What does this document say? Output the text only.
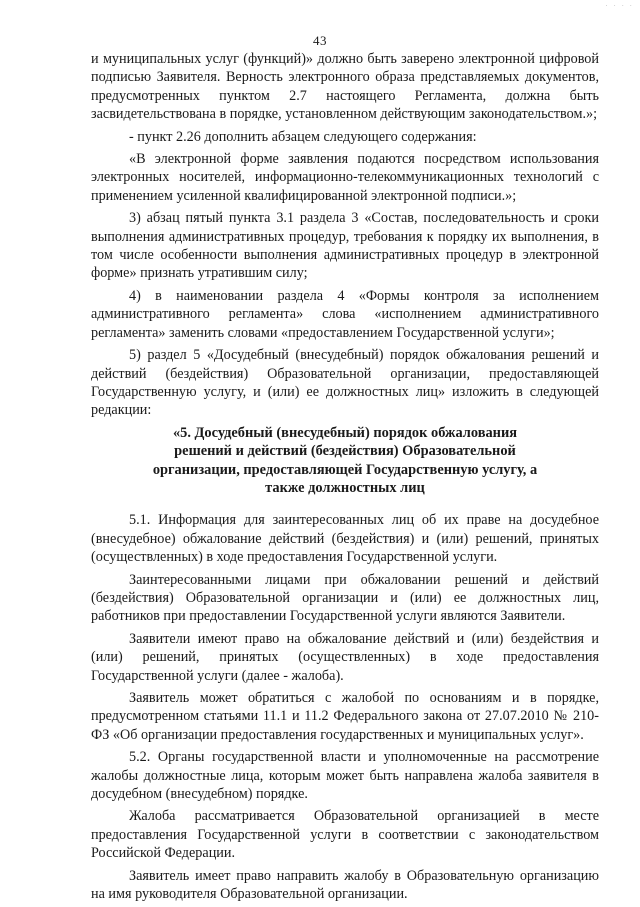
· · · ·
43

и муниципальных услуг (функций)» должно быть заверено электронной цифровой подписью Заявителя. Верность электронного образа представляемых документов, предусмотренных пунктом 2.7 настоящего Регламента, должна быть засвидетельствована в порядке, установленном действующим законодательством.»;

- пункт 2.26 дополнить абзацем следующего содержания:

«В электронной форме заявления подаются посредством использования электронных носителей, информационно-телекоммуникационных технологий с применением усиленной квалифицированной электронной подписи.»;

3) абзац пятый пункта 3.1 раздела 3 «Состав, последовательность и сроки выполнения административных процедур, требования к порядку их выполнения, в том числе особенности выполнения административных процедур в электронной форме» признать утратившим силу;

4) в наименовании раздела 4 «Формы контроля за исполнением административного регламента» слова «исполнением административного регламента» заменить словами «предоставлением Государственной услуги»;

5) раздел 5 «Досудебный (внесудебный) порядок обжалования решений и действий (бездействия) Образовательной организации, предоставляющей Государственную услугу, и (или) ее должностных лиц» изложить в следующей редакции:

«5. Досудебный (внесудебный) порядок обжалования
решений и действий (бездействия) Образовательной
организации, предоставляющей Государственную услугу, а
также должностных лиц

5.1. Информация для заинтересованных лиц об их праве на досудебное (внесудебное) обжалование действий (бездействия) и (или) решений, принятых (осуществленных) в ходе предоставления Государственной услуги.

Заинтересованными лицами при обжаловании решений и действий (бездействия) Образовательной организации и (или) ее должностных лиц, работников при предоставлении Государственной услуги являются Заявители.

Заявители имеют право на обжалование действий и (или) бездействия и (или) решений, принятых (осуществленных) в ходе предоставления Государственной услуги (далее - жалоба).

Заявитель может обратиться с жалобой по основаниям и в порядке, предусмотренном статьями 11.1 и 11.2 Федерального закона от 27.07.2010 № 210-ФЗ «Об организации предоставления государственных и муниципальных услуг».

5.2. Органы государственной власти и уполномоченные на рассмотрение жалобы должностные лица, которым может быть направлена жалоба заявителя в досудебном (внесудебном) порядке.

Жалоба рассматривается Образовательной организацией в месте предоставления Государственной услуги в соответствии с законодательством Российской Федерации.

Заявитель имеет право направить жалобу в Образовательную организацию на имя руководителя Образовательной организации.
